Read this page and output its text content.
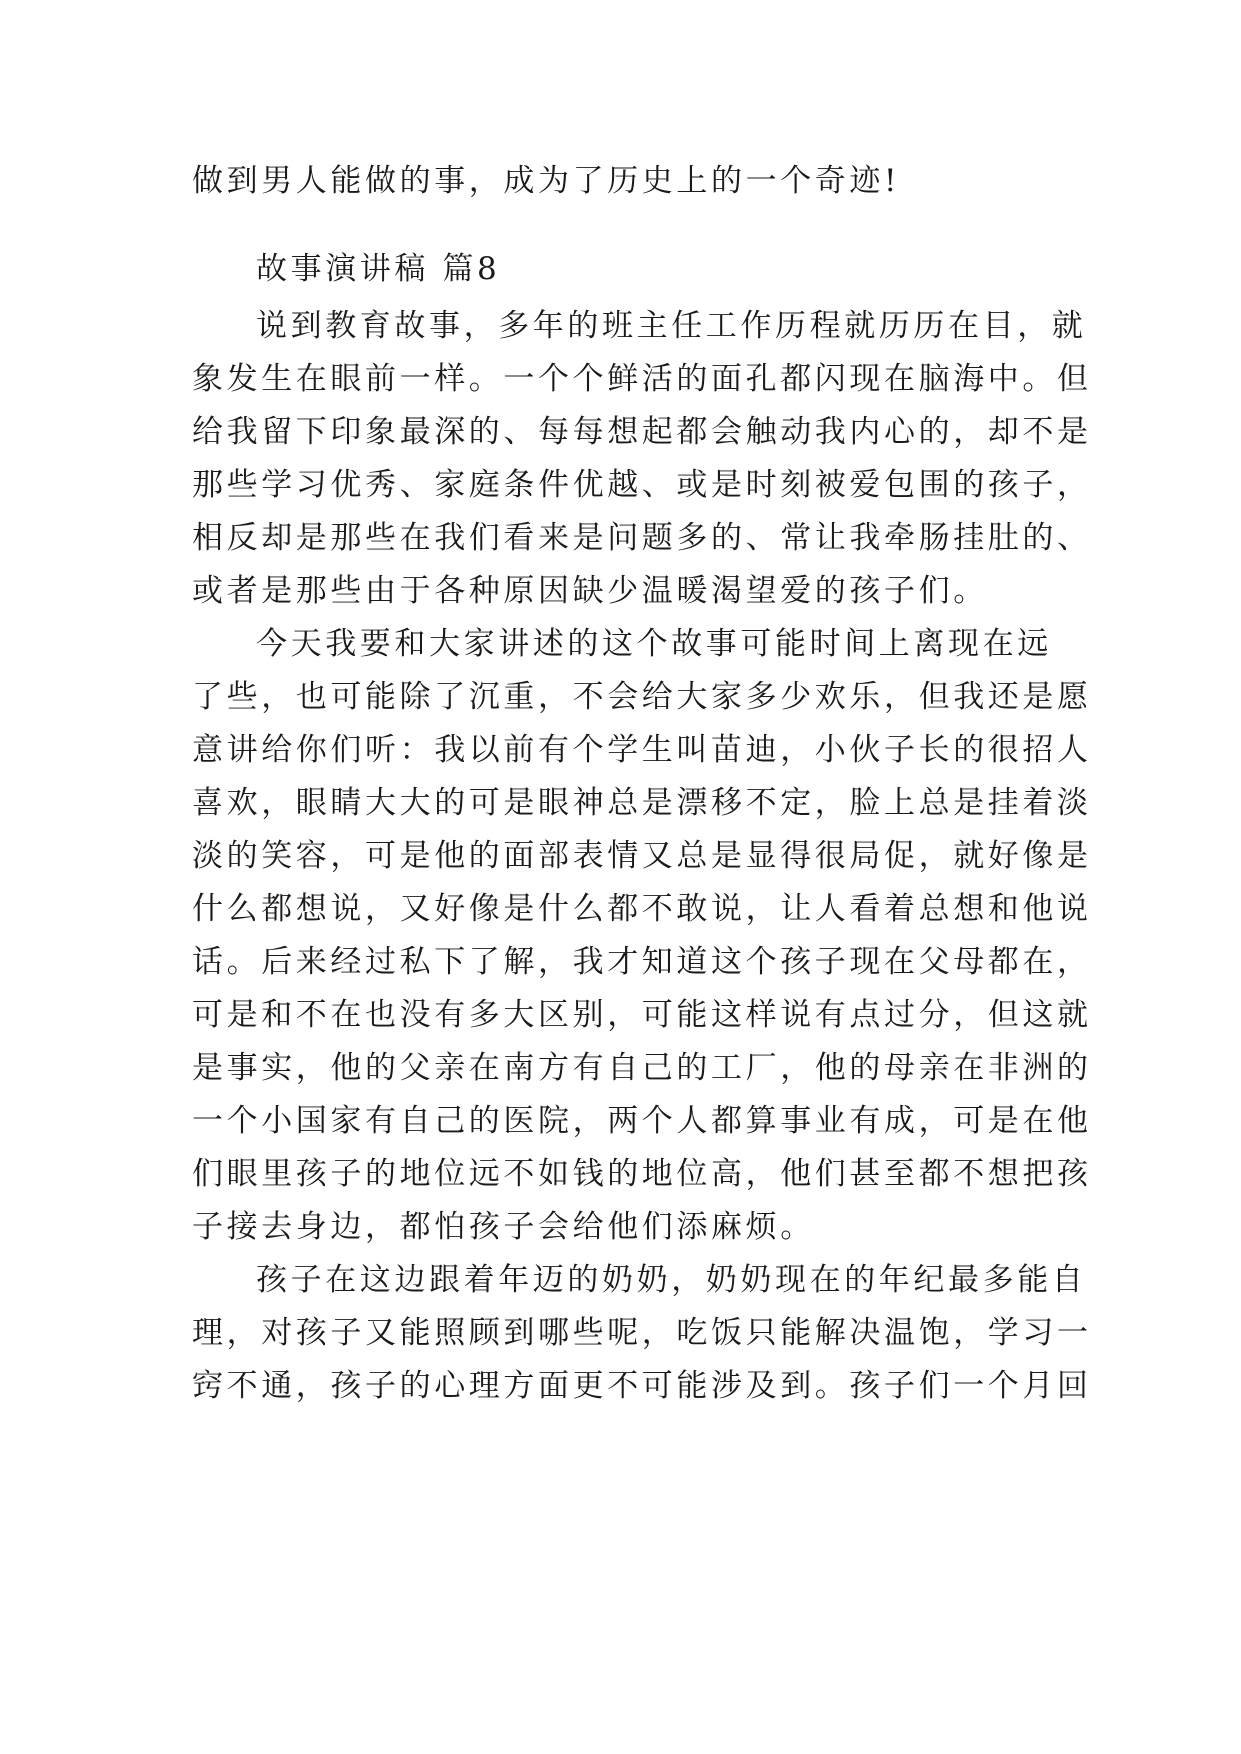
做到男人能做的事，成为了历史上的一个奇迹!
故事演讲稿 篇8
说到教育故事，多年的班主任工作历程就历历在目，就
象发生在眼前一样。一个个鲜活的面孔都闪现在脑海中。但
给我留下印象最深的、每每想起都会触动我内心的，却不是
那些学习优秀、家庭条件优越、或是时刻被爱包围的孩子，
相反却是那些在我们看来是问题多的、常让我牵肠挂肚的、
或者是那些由于各种原因缺少温暖渴望爱的孩子们。
今天我要和大家讲述的这个故事可能时间上离现在远
了些，也可能除了沉重，不会给大家多少欢乐，但我还是愿
意讲给你们听：我以前有个学生叫苗迪，小伙子长的很招人
喜欢，眼睛大大的可是眼神总是漂移不定，脸上总是挂着淡
淡的笑容，可是他的面部表情又总是显得很局促，就好像是
什么都想说，又好像是什么都不敢说，让人看着总想和他说
话。后来经过私下了解，我才知道这个孩子现在父母都在，
可是和不在也没有多大区别，可能这样说有点过分，但这就
是事实，他的父亲在南方有自己的工厂，他的母亲在非洲的
一个小国家有自己的医院，两个人都算事业有成，可是在他
们眼里孩子的地位远不如钱的地位高，他们甚至都不想把孩
子接去身边，都怕孩子会给他们添麻烦。
孩子在这边跟着年迈的奶奶，奶奶现在的年纪最多能自
理，对孩子又能照顾到哪些呢，吃饭只能解决温饱，学习一
窍不通，孩子的心理方面更不可能涉及到。孩子们一个月回
